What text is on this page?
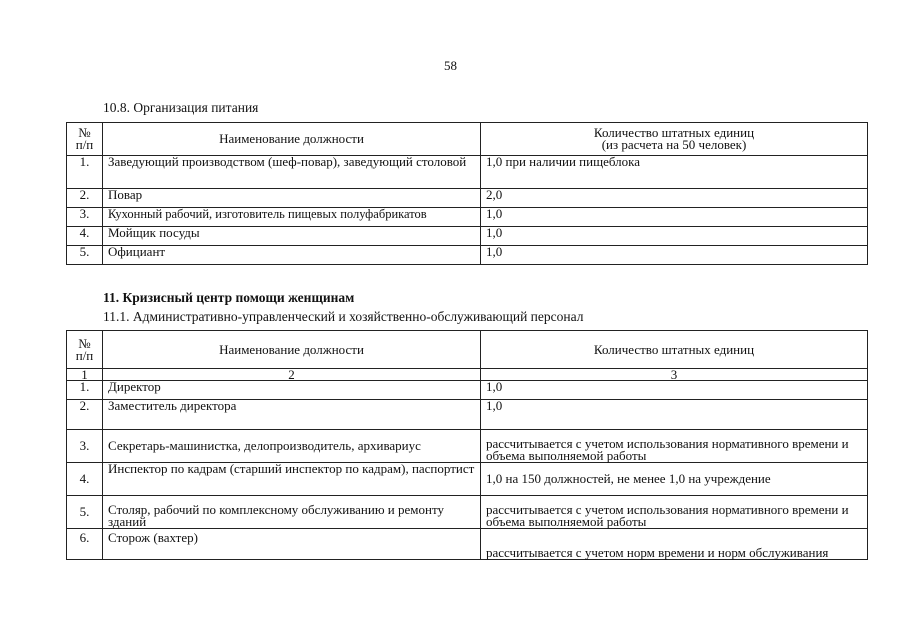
58
10.8. Организация питания
№ п/п	Наименование должности	Количество штатных единиц
(из расчета на 50 человек)

1.	Заведующий производством (шеф-повар), заведующий столовой	1,0 при наличии пищеблока
2.	Повар	2,0
3.	Кухонный рабочий, изготовитель пищевых полуфабрикатов	1,0
4.	Мойщик посуды	1,0
5.	Официант	1,0
11. Кризисный центр помощи женщинам
11.1. Административно-управленческий и хозяйственно-обслуживающий персонал
№ п/п	Наименование должности	Количество штатных единиц
1	2	3
1.	Директор	1,0
2.	Заместитель директора	1,0
3.	Секретарь-машинистка, делопроизводитель, архивариус	рассчитывается с учетом использования нормативного времени и объема выполняемой работы
4.	Инспектор по кадрам (старший инспектор по кадрам), паспортист	1,0 на 150 должностей, не менее 1,0 на учреждение
5.	Столяр, рабочий по комплексному обслуживанию и ремонту зданий	рассчитывается с учетом использования нормативного времени и объема выполняемой работы
6.	Сторож (вахтер)	рассчитывается с учетом норм времени и норм обслуживания
